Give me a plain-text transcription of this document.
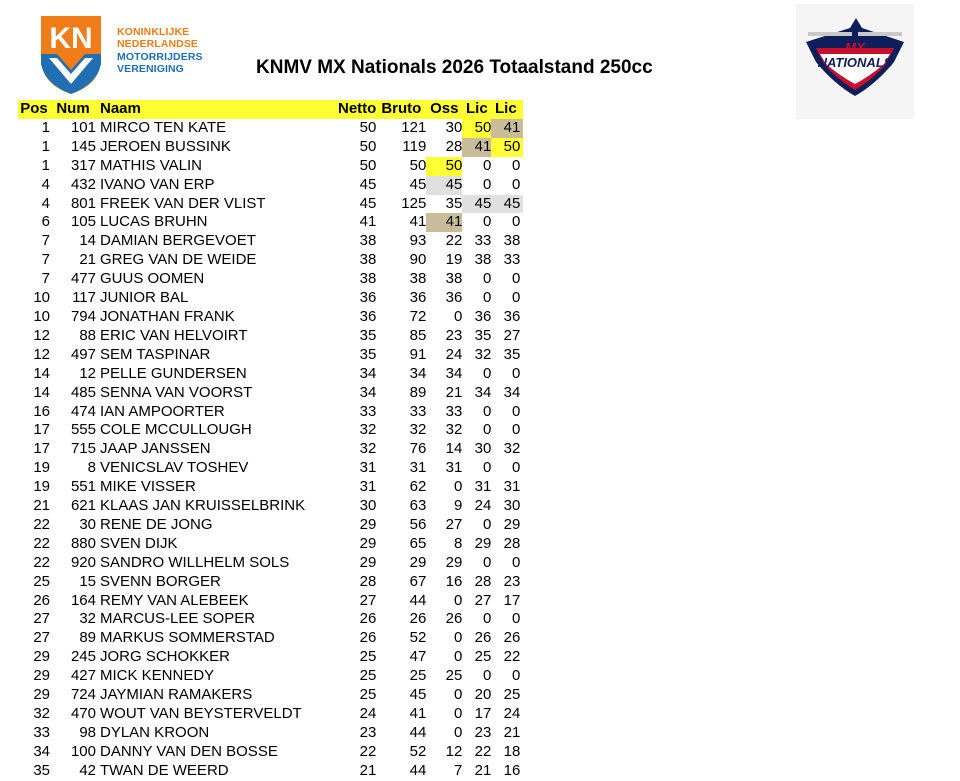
KN KONINKLIJKE
NEDERLANDSE
MOTORRIJDERS
VERENIGING	KNMV MX Nationals 2026 Totaalstand 250cc
MX
NATIONALS
Pos	Num	Naam	Netto	Bruto	Oss	Lic	Lic
1	101	MIRCO TEN KATE	50	121	30	50	41
1	145	JEROEN BUSSINK	50	119	28	41	50
1	317	MATHIS VALIN	50	50	50	0	0
4	432	IVANO VAN ERP	45	45	45	0	0
4	801	FREEK VAN DER VLIST	45	125	35	45	45
6	105	LUCAS BRUHN	41	41	41	0	0
7	14	DAMIAN BERGEVOET	38	93	22	33	38
7	21	GREG VAN DE WEIDE	38	90	19	38	33
7	477	GUUS OOMEN	38	38	38	0	0
10	117	JUNIOR BAL	36	36	36	0	0
10	794	JONATHAN FRANK	36	72	0	36	36
12	88	ERIC VAN HELVOIRT	35	85	23	35	27
12	497	SEM TASPINAR	35	91	24	32	35
14	12	PELLE GUNDERSEN	34	34	34	0	0
14	485	SENNA VAN VOORST	34	89	21	34	34
16	474	IAN AMPOORTER	33	33	33	0	0
17	555	COLE MCCULLOUGH	32	32	32	0	0
17	715	JAAP JANSSEN	32	76	14	30	32
19	8	VENICSLAV TOSHEV	31	31	31	0	0
19	551	MIKE VISSER	31	62	0	31	31
21	621	KLAAS JAN KRUISSELBRINK	30	63	9	24	30
22	30	RENE DE JONG	29	56	27	0	29
22	880	SVEN DIJK	29	65	8	29	28
22	920	SANDRO WILLHELM SOLS	29	29	29	0	0
25	15	SVENN BORGER	28	67	16	28	23
26	164	REMY VAN ALEBEEK	27	44	0	27	17
27	32	MARCUS-LEE SOPER	26	26	26	0	0
27	89	MARKUS SOMMERSTAD	26	52	0	26	26
29	245	JORG SCHOKKER	25	47	0	25	22
29	427	MICK KENNEDY	25	25	25	0	0
29	724	JAYMIAN RAMAKERS	25	45	0	20	25
32	470	WOUT VAN BEYSTERVELDT	24	41	0	17	24
33	98	DYLAN KROON	23	44	0	23	21
34	100	DANNY VAN DEN BOSSE	22	52	12	22	18
35	42	TWAN DE WEERD	21	44	7	21	16
